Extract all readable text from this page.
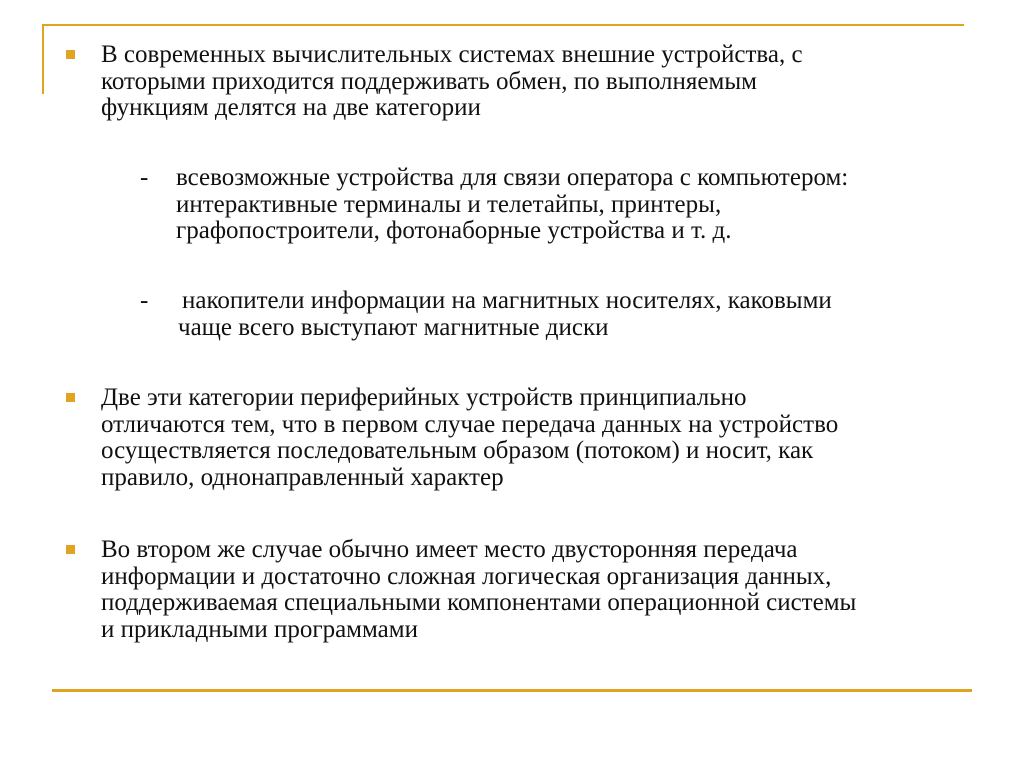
В современных вычислительных системах внешние устройства, с
которыми приходится поддерживать обмен, по выполняемым
функциям делятся на две категории
- всевозможные устройства для связи оператора с компьютером:
интерактивные терминалы и телетайпы, принтеры,
графопостроители, фотонаборные устройства и т. д.
- накопители информации на магнитных носителях, каковыми
чаще всего выступают магнитные диски
Две эти категории периферийных устройств принципиально
отличаются тем, что в первом случае передача данных на устройство
осуществляется последовательным образом (потоком) и носит, как
правило, однонаправленный характер
Во втором же случае обычно имеет место двусторонняя передача
информации и достаточно сложная логическая организация данных,
поддерживаемая специальными компонентами операционной системы
и прикладными программами
